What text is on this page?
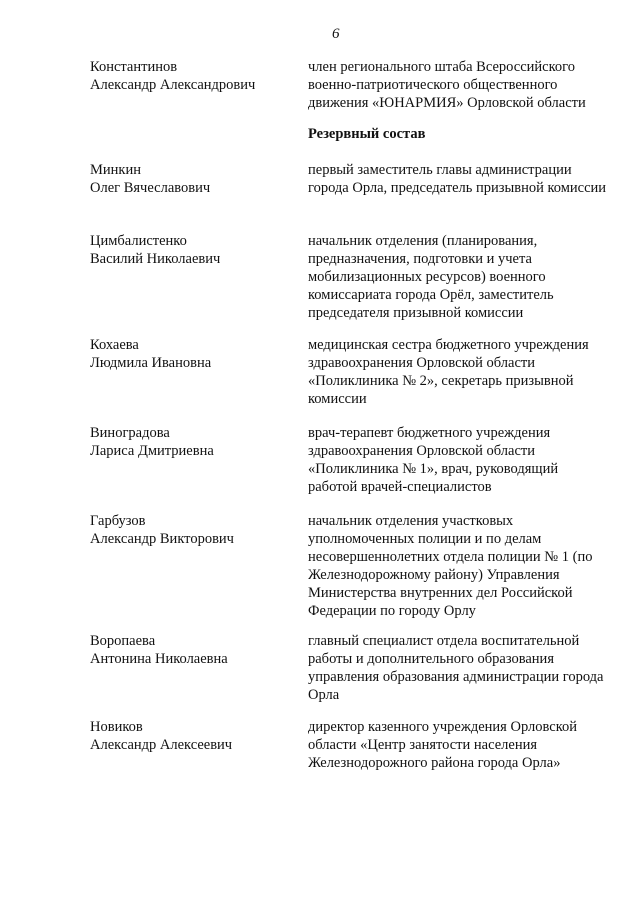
6
Константинов
Александр Александрович
член регионального штаба Всероссийского военно-патриотического общественного движения «ЮНАРМИЯ» Орловской области
Резервный состав
Минкин
Олег Вячеславович
первый заместитель главы администрации города Орла, председатель призывной комиссии
Цимбалистенко
Василий Николаевич
начальник отделения (планирования, предназначения, подготовки и учета мобилизационных ресурсов) военного комиссариата города Орёл, заместитель председателя призывной комиссии
Кохаева
Людмила Ивановна
медицинская сестра бюджетного учреждения здравоохранения Орловской области «Поликлиника № 2», секретарь призывной комиссии
Виноградова
Лариса Дмитриевна
врач-терапевт бюджетного учреждения здравоохранения Орловской области «Поликлиника № 1», врач, руководящий работой врачей-специалистов
Гарбузов
Александр Викторович
начальник отделения участковых уполномоченных полиции и по делам несовершеннолетних отдела полиции № 1 (по Железнодорожному району) Управления Министерства внутренних дел Российской Федерации по городу Орлу
Воропаева
Антонина Николаевна
главный специалист отдела воспитательной работы и дополнительного образования управления образования администрации города Орла
Новиков
Александр Алексеевич
директор казенного учреждения Орловской области «Центр занятости населения Железнодорожного района города Орла»
